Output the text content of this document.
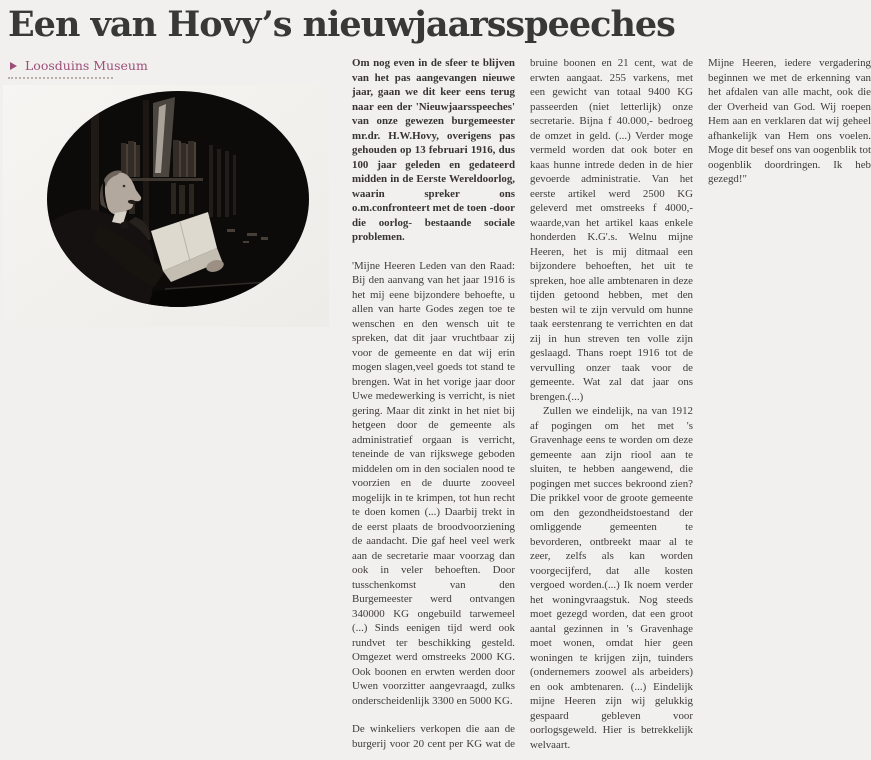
Een van Hovy’s nieuwjaarsspeeches
Loosduins Museum	Om nog even in de sfeer te blijven van het pas aangevangen nieuwe jaar, gaan we dit keer eens terug naar een der 'Nieuwjaarsspeeches' van onze gewezen burgemeester mr.dr. H.W.Hovy, overigens pas gehouden op 13 februari 1916, dus 100 jaar geleden en gedateerd midden in de Eerste Wereldoorlog, waarin spreker ons o.m.confronteert met de toen -door die oorlog- bestaande sociale problemen.

'Mijne Heeren Leden van den Raad: Bij den aanvang van het jaar 1916 is het mij eene bijzondere behoefte, u allen van harte Godes zegen toe te wenschen en den wensch uit te spreken, dat dit jaar vruchtbaar zij voor de gemeente en dat wij erin mogen slagen,veel goeds tot stand te brengen. Wat in het vorige jaar door Uwe medewerking is verricht, is niet gering. Maar dit zinkt in het niet bij hetgeen door de gemeente als administratief orgaan is verricht, teneinde de van rijkswege geboden middelen om in den socialen nood te voorzien en de duurte zooveel mogelijk in te krimpen, tot hun recht te doen komen (...) Daarbij trekt in de eerst plaats de broodvoorziening de aandacht. Die gaf heel veel werk aan de secretarie maar voorzag dan ook in veler behoeften. Door tusschenkomst van den Burgemeester werd ontvangen 340000 KG ongebuild tarwemeel (...) Sinds eenigen tijd werd ook rundvet ter beschikking gesteld. Omgezet werd omstreeks 2000 KG. Ook boonen en erwten werden door Uwen voorzitter aangevraagd, zulks onderscheidenlijk 3300 en 5000 KG.

De winkeliers verkopen die aan de burgerij voor 20 cent per KG wat de bruine boonen en 21 cent, wat de erwten aangaat. 255 varkens, met een gewicht van totaal 9400 KG passeerden (niet letterlijk) onze secretarie. Bijna f 40.000,- bedroeg de omzet in geld. (...) Verder moge vermeld worden dat ook boter en kaas hunne intrede deden in de hier gevoerde administratie. Van het eerste artikel werd 2500 KG geleverd met omstreeks f 4000,- waarde,van het artikel kaas enkele honderden K.G'.s. Welnu mijne Heeren, het is mij ditmaal een bijzondere behoeften, het uit te spreken, hoe alle ambtenaren in deze tijden getoond hebben, met den besten wil te zijn vervuld om hunne taak eerstenrang te verrichten en dat zij in hun streven ten volle zijn geslaagd. Thans roept 1916 tot de vervulling onzer taak voor de gemeente. Wat zal dat jaar ons brengen.(...)

Zullen we eindelijk, na van 1912 af pogingen om het met 's Gravenhage eens te worden om deze gemeente aan zijn riool aan te sluiten, te hebben aangewend, die pogingen met succes bekroond zien? Die prikkel voor de groote gemeente om den gezondheidstoestand der omliggende gemeenten te bevorderen, ontbreekt maar al te zeer, zelfs als kan worden voorgecijferd, dat alle kosten vergoed worden.(...) Ik noem verder het woningvraagstuk. Nog steeds moet gezegd worden, dat een groot aantal gezinnen in 's Gravenhage moet wonen, omdat hier geen woningen te krijgen zijn, tuinders (ondernemers zoowel als arbeiders) en ook ambtenaren. (...) Eindelijk mijne Heeren zijn wij gelukkig gespaard gebleven voor oorlogsgeweld. Hier is betrekkelijk welvaart.

Mijne Heeren, iedere vergadering beginnen we met de erkenning van het afdalen van alle macht, ook die der Overheid van God. Wij roepen Hem aan en verklaren dat wij geheel afhankelijk van Hem ons voelen. Moge dit besef ons van oogenblik tot oogenblik doordringen. Ik heb gezegd!"
